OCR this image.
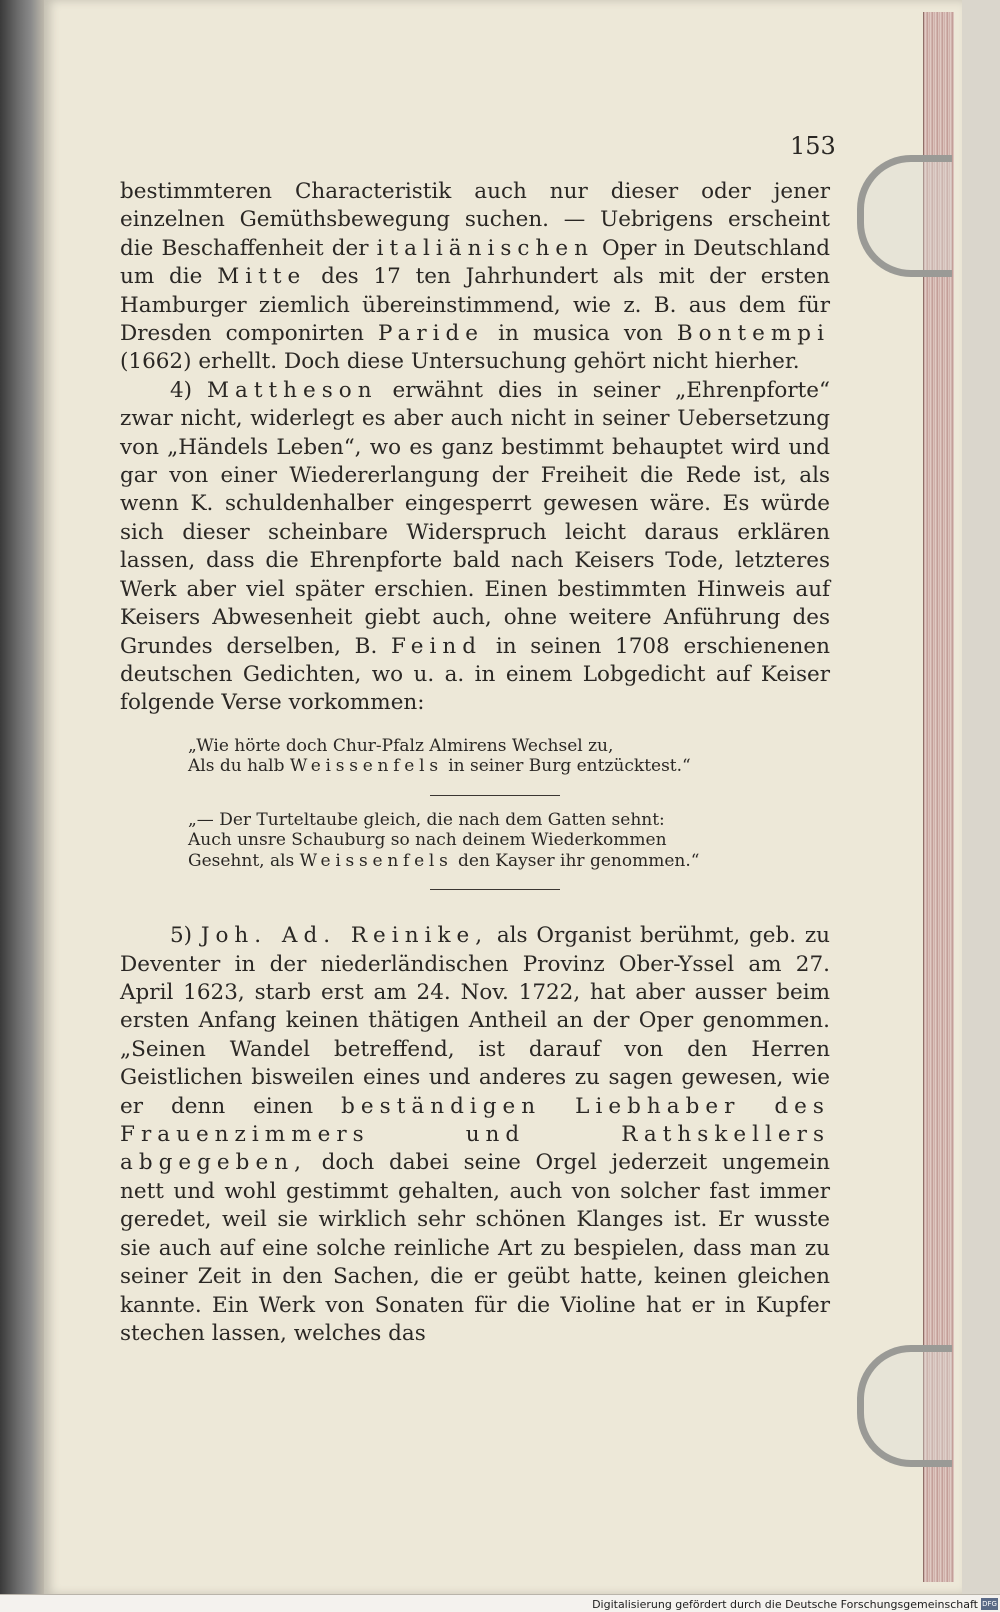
153

bestimmteren Characteristik auch nur dieser oder jener einzelnen Gemüthsbewegung suchen. — Uebrigens erscheint die Beschaffenheit der italiänischen Oper in Deutschland um die Mitte des 17 ten Jahrhundert als mit der ersten Hamburger ziemlich übereinstimmend, wie z. B. aus dem für Dresden componirten Paride in musica von Bontempi (1662) erhellt. Doch diese Untersuchung gehört nicht hierher.

4) Mattheson erwähnt dies in seiner „Ehrenpforte“ zwar nicht, widerlegt es aber auch nicht in seiner Uebersetzung von „Händels Leben“, wo es ganz bestimmt behauptet wird und gar von einer Wiedererlangung der Freiheit die Rede ist, als wenn K. schuldenhalber eingesperrt gewesen wäre. Es würde sich dieser scheinbare Widerspruch leicht daraus erklären lassen, dass die Ehrenpforte bald nach Keisers Tode, letzteres Werk aber viel später erschien. Einen bestimmten Hinweis auf Keisers Abwesenheit giebt auch, ohne weitere Anführung des Grundes derselben, B. Feind in seinen 1708 erschienenen deutschen Gedichten, wo u. a. in einem Lobgedicht auf Keiser folgende Verse vorkommen:

„Wie hörte doch Chur-Pfalz Almirens Wechsel zu,
Als du halb Weissenfels in seiner Burg entzücktest.“
„— Der Turteltaube gleich, die nach dem Gatten sehnt:
Auch unsre Schauburg so nach deinem Wiederkommen
Gesehnt, als Weissenfels den Kayser ihr genommen.“

5) Joh. Ad. Reinike, als Organist berühmt, geb. zu Deventer in der niederländischen Provinz Ober-Yssel am 27. April 1623, starb erst am 24. Nov. 1722, hat aber ausser beim ersten Anfang keinen thätigen Antheil an der Oper genommen. „Seinen Wandel betreffend, ist darauf von den Herren Geistlichen bisweilen eines und anderes zu sagen gewesen, wie er denn einen beständigen Liebhaber des Frauenzimmers und Rathskellers abgegeben, doch dabei seine Orgel jederzeit ungemein nett und wohl gestimmt gehalten, auch von solcher fast immer geredet, weil sie wirklich sehr schönen Klanges ist. Er wusste sie auch auf eine solche reinliche Art zu bespielen, dass man zu seiner Zeit in den Sachen, die er geübt hatte, keinen gleichen kannte. Ein Werk von Sonaten für die Violine hat er in Kupfer stechen lassen, welches das

Digitalisierung gefördert durch die Deutsche Forschungsgemeinschaft DFG
